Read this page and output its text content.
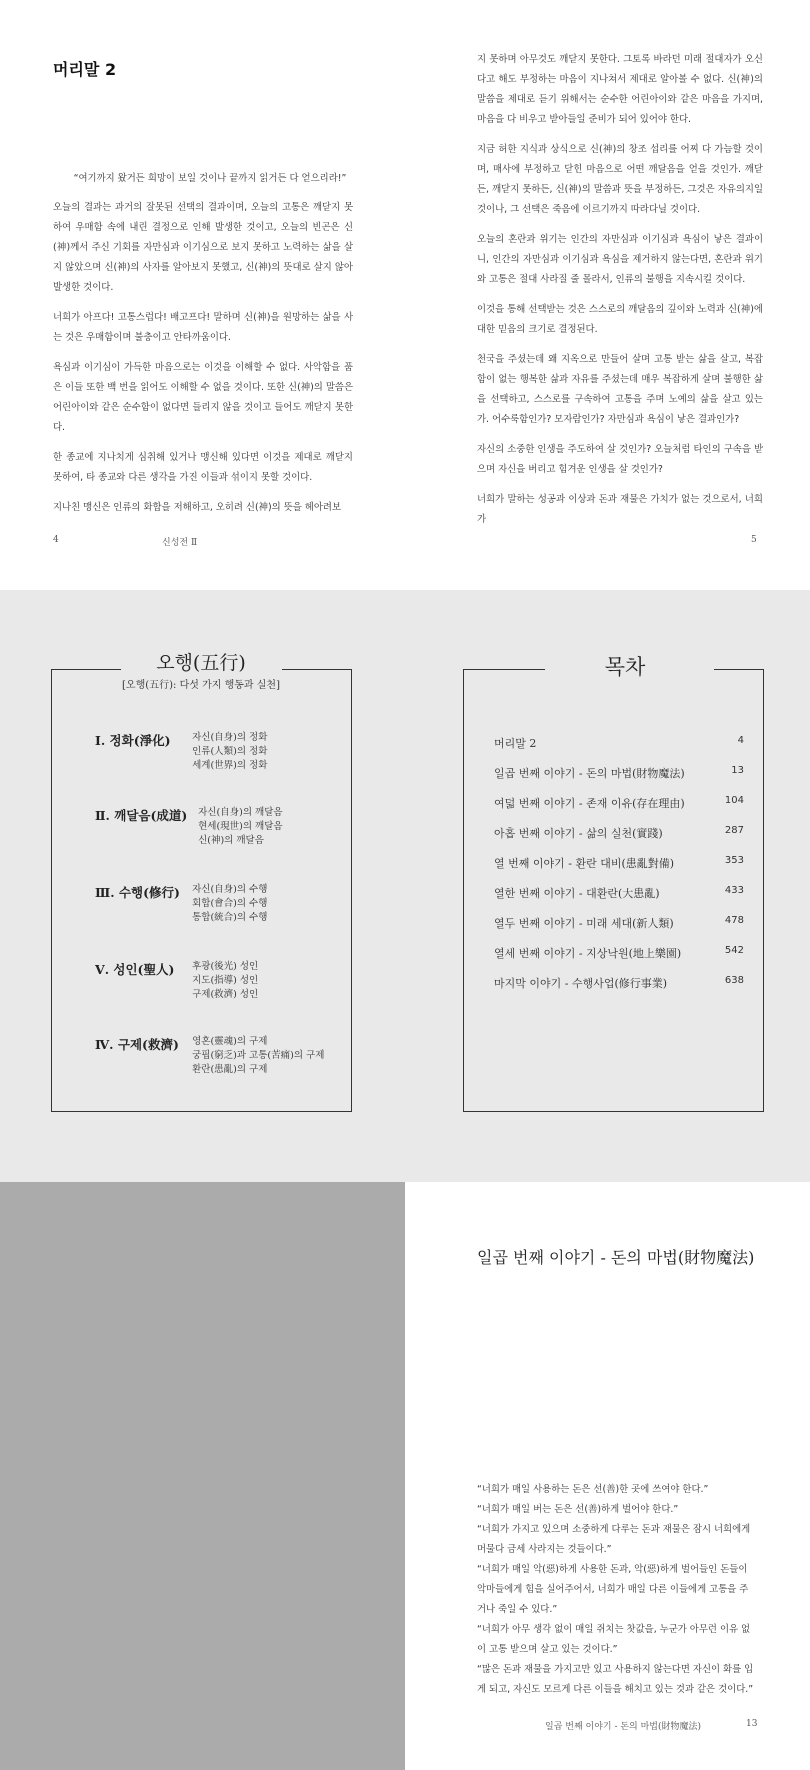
머리말 2
“여기까지 왔거든 희망이 보일 것이나 끝까지 읽거든 다 얻으리라!”

오늘의 결과는 과거의 잘못된 선택의 결과이며, 오늘의 고통은 깨닫지 못하여 우매함 속에 내린 결정으로 인해 발생한 것이고, 오늘의 빈곤은 신(神)께서 주신 기회를 자만심과 이기심으로 보지 못하고 노력하는 삶을 살지 않았으며 신(神)의 사자를 알아보지 못했고, 신(神)의 뜻대로 살지 않아 발생한 것이다.

너희가 아프다! 고통스럽다! 배고프다! 말하며 신(神)을 원망하는 삶을 사는 것은 우매함이며 불충이고 안타까움이다.

욕심과 이기심이 가득한 마음으로는 이것을 이해할 수 없다. 사악함을 품은 이들 또한 백 번을 읽어도 이해할 수 없을 것이다. 또한 신(神)의 말씀은 어린아이와 같은 순수함이 없다면 들리지 않을 것이고 들어도 깨닫지 못한다.

한 종교에 지나치게 심취해 있거나 맹신해 있다면 이것을 제대로 깨닫지 못하여, 타 종교와 다른 생각을 가진 이들과 섞이지 못할 것이다.

지나친 맹신은 인류의 화합을 저해하고, 오히려 신(神)의 뜻을 헤아려보

4	신성전 Ⅱ

지 못하며 아무것도 깨닫지 못한다. 그토록 바라던 미래 절대자가 오신다고 해도 부정하는 마음이 지나쳐서 제대로 알아볼 수 없다. 신(神)의 말씀을 제대로 듣기 위해서는 순수한 어린아이와 같은 마음을 가지며, 마음을 다 비우고 받아들일 준비가 되어 있어야 한다.

지금 허한 지식과 상식으로 신(神)의 창조 섭리를 어찌 다 가늠할 것이며, 매사에 부정하고 닫힌 마음으로 어떤 깨달음을 얻을 것인가. 깨닫든, 깨닫지 못하든, 신(神)의 말씀과 뜻을 부정하든, 그것은 자유의지일 것이나, 그 선택은 죽음에 이르기까지 따라다닐 것이다.

오늘의 혼란과 위기는 인간의 자만심과 이기심과 욕심이 낳은 결과이니, 인간의 자만심과 이기심과 욕심을 제거하지 않는다면, 혼란과 위기와 고통은 절대 사라질 줄 몰라서, 인류의 불행을 지속시킬 것이다.

이것을 통해 선택받는 것은 스스로의 깨달음의 깊이와 노력과 신(神)에 대한 믿음의 크기로 결정된다.

천국을 주셨는데 왜 지옥으로 만들어 살며 고통 받는 삶을 살고, 복잡함이 없는 행복한 삶과 자유를 주셨는데 매우 복잡하게 살며 불행한 삶을 선택하고, 스스로를 구속하여 고통을 주며 노예의 삶을 살고 있는가. 어수룩함인가? 모자람인가? 자만심과 욕심이 낳은 결과인가?

자신의 소중한 인생을 주도하여 살 것인가? 오늘처럼 타인의 구속을 받으며 자신을 버리고 힘겨운 인생을 살 것인가?

너희가 말하는 성공과 이상과 돈과 재물은 가치가 없는 것으로서, 너희가

5
오행(五行)
[오행(五行): 다섯 가지 행동과 실천]
Ⅰ. 정화(淨化) 자신(自身)의 정화
인류(人類)의 정화
세계(世界)의 정화
Ⅱ. 깨달음(成道) 자신(自身)의 깨달음
현세(現世)의 깨달음
신(神)의 깨달음
Ⅲ. 수행(修行) 자신(自身)의 수행
회합(會合)의 수행
통합(統合)의 수행
Ⅴ. 성인(聖人) 후광(後光) 성인
지도(指導) 성인
구제(救濟) 성인
Ⅳ. 구제(救濟) 영혼(靈魂)의 구제
궁핍(窮乏)과 고통(苦痛)의 구제
환란(患亂)의 구제
목차
머리말 2	4
일곱 번째 이야기 - 돈의 마법(財物魔法)	13
여덟 번째 이야기 - 존재 이유(存在理由)	104
아홉 번째 이야기 - 삶의 실천(實踐)	287
열 번째 이야기 - 환란 대비(患亂對備)	353
열한 번째 이야기 - 대환란(大患亂)	433
열두 번째 이야기 - 미래 세대(新人類)	478
열세 번째 이야기 - 지상낙원(地上樂園)	542
마지막 이야기 - 수행사업(修行事業)	638
일곱 번째 이야기 - 돈의 마법(財物魔法)

“너희가 매일 사용하는 돈은 선(善)한 곳에 쓰여야 한다.”

“너희가 매일 버는 돈은 선(善)하게 벌어야 한다.”

“너희가 가지고 있으며 소중하게 다루는 돈과 재물은 잠시 너희에게 머물다 금세 사라지는 것들이다.”

“너희가 매일 악(惡)하게 사용한 돈과, 악(惡)하게 벌어들인 돈들이 악마들에게 힘을 실어주어서, 너희가 매일 다른 이들에게 고통을 주거나 죽일 수 있다.”

“너희가 아무 생각 없이 매일 쥐치는 찻값을, 누군가 아무런 이유 없이 고통 받으며 살고 있는 것이다.”

“많은 돈과 재물을 가지고만 있고 사용하지 않는다면 자신이 화를 입게 되고, 자신도 모르게 다른 이들을 해치고 있는 것과 같은 것이다.”

일곱 번째 이야기 - 돈의 마법(財物魔法)	13
